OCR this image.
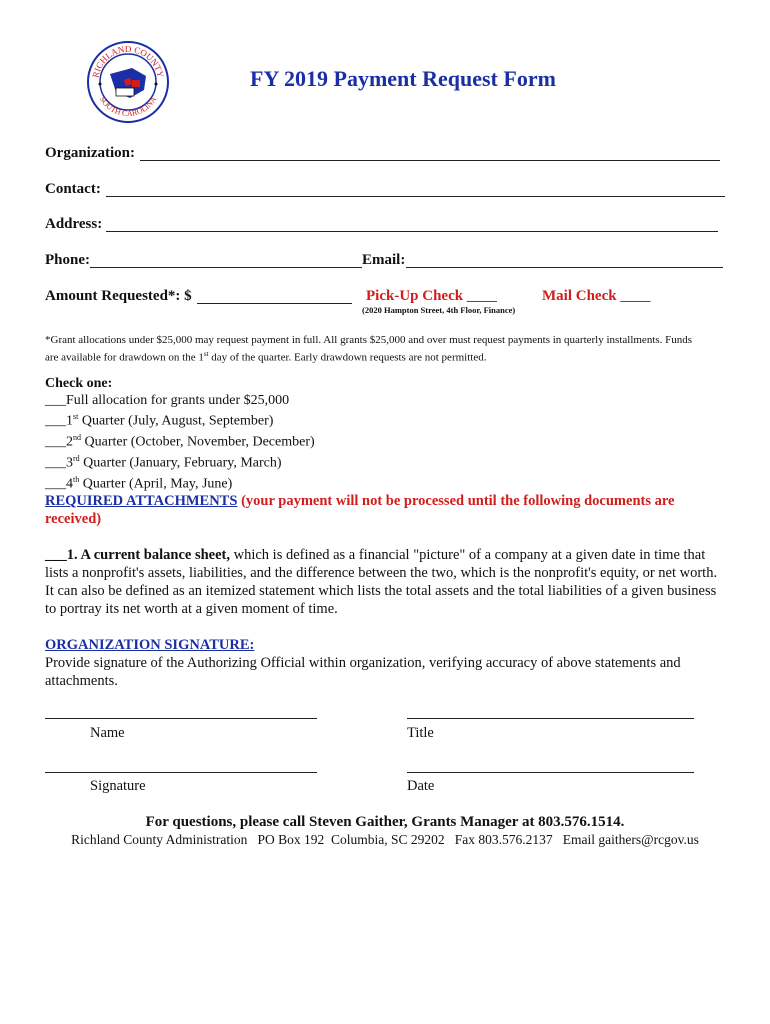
RICHLAND COUNTY
SOUTH CAROLINA
FY 2019 Payment Request Form
Organization:
Contact:
Address:
Phone:	Email:
Amount Requested*: $	Pick-Up Check ____
(2020 Hampton Street, 4th Floor, Finance)
Mail Check ____
*Grant allocations under $25,000 may request payment in full. All grants $25,000 and over must request payments in quarterly installments. Funds
are available for drawdown on the 1st day of the quarter. Early drawdown requests are not permitted.
Check one:
___Full allocation for grants under $25,000
___1st Quarter (July, August, September)
___2nd Quarter (October, November, December)
___3rd Quarter (January, February, March)
___4th Quarter (April, May, June)
REQUIRED ATTACHMENTS (your payment will not be processed until the following documents are received)
___1. A current balance sheet, which is defined as a financial "picture" of a company at a given date in time that lists a nonprofit's assets, liabilities, and the difference between the two, which is the nonprofit's equity, or net worth. It can also be defined as an itemized statement which lists the total assets and the total liabilities of a given business to portray its net worth at a given moment of time.
ORGANIZATION SIGNATURE:
Provide signature of the Authorizing Official within organization, verifying accuracy of above statements and attachments.
Name	Title
Signature	Date
For questions, please call Steven Gaither, Grants Manager at 803.576.1514.
Richland County Administration   PO Box 192  Columbia, SC 29202   Fax 803.576.2137   Email gaithers@rcgov.us
